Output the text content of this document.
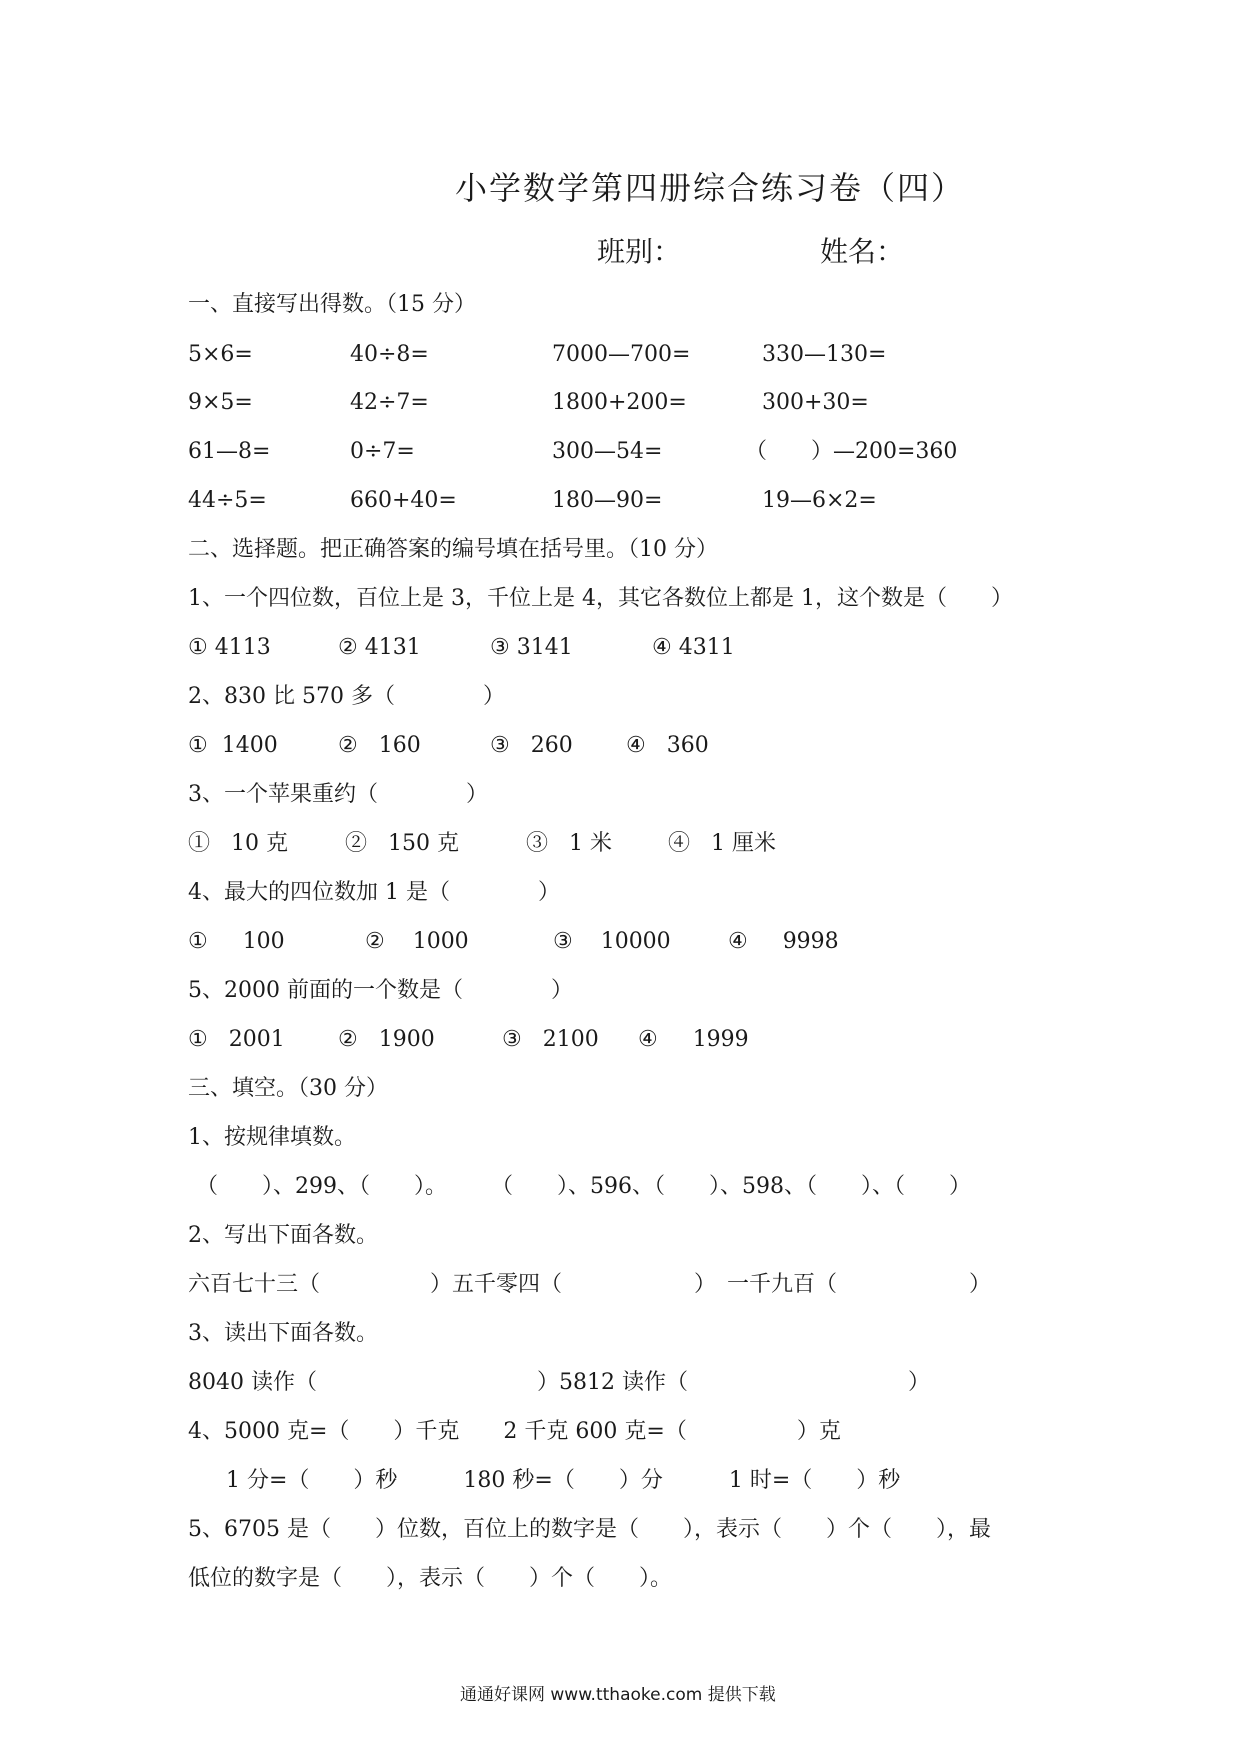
小学数学第四册综合练习卷（四）
班别：	姓名：
一、直接写出得数。（15 分）
5×6=	40÷8=	7000—700=	330—130=
9×5=	42÷7=	1800+200=	300+30=
61—8=	0÷7=	300—54=	（　　）—200=360
44÷5=	660+40=	180—90=	19—6×2=
二、选择题。把正确答案的编号填在括号里。（10 分）
1、一个四位数，百位上是 3，千位上是 4，其它各数位上都是 1，这个数是（　　）
① 4113	② 4131	③ 3141	④ 4311
2、830 比 570 多（　　　　）
①  1400	②   160	③   260 ④   360
3、一个苹果重约（　　　　）
①   10 克	②   150 克	③   1 米	④   1 厘米
4、最大的四位数加 1 是（　　　　）
①     100	②    1000	③    10000	④     9998
5、2000 前面的一个数是（　　　　）
①   2001 ②   1900	③   2100 ④     1999
三、填空。（30 分）
1、按规律填数。
（　　）、299、（　　）。　　　（　　）、596、（　　）、598、（　　）、（　　）
2、写出下面各数。
六百七十三（　　　　　）五千零四（　　　　　　）　一千九百（　　　　　　）
3、读出下面各数。
8040 读作（　　　　　　　　　　）5812 读作（　　　　　　　　　　）
4、5000 克=（　　）千克　　2 千克 600 克=（　　　　　）克
1 分=（　　）秒　　　180 秒=（　　）分　　　1 时=（　　）秒
5、6705 是（　　）位数，百位上的数字是（　　），表示（　　）个（　　），最
低位的数字是（　　），表示（　　）个（　　）。
通通好课网 www.tthaoke.com 提供下载
